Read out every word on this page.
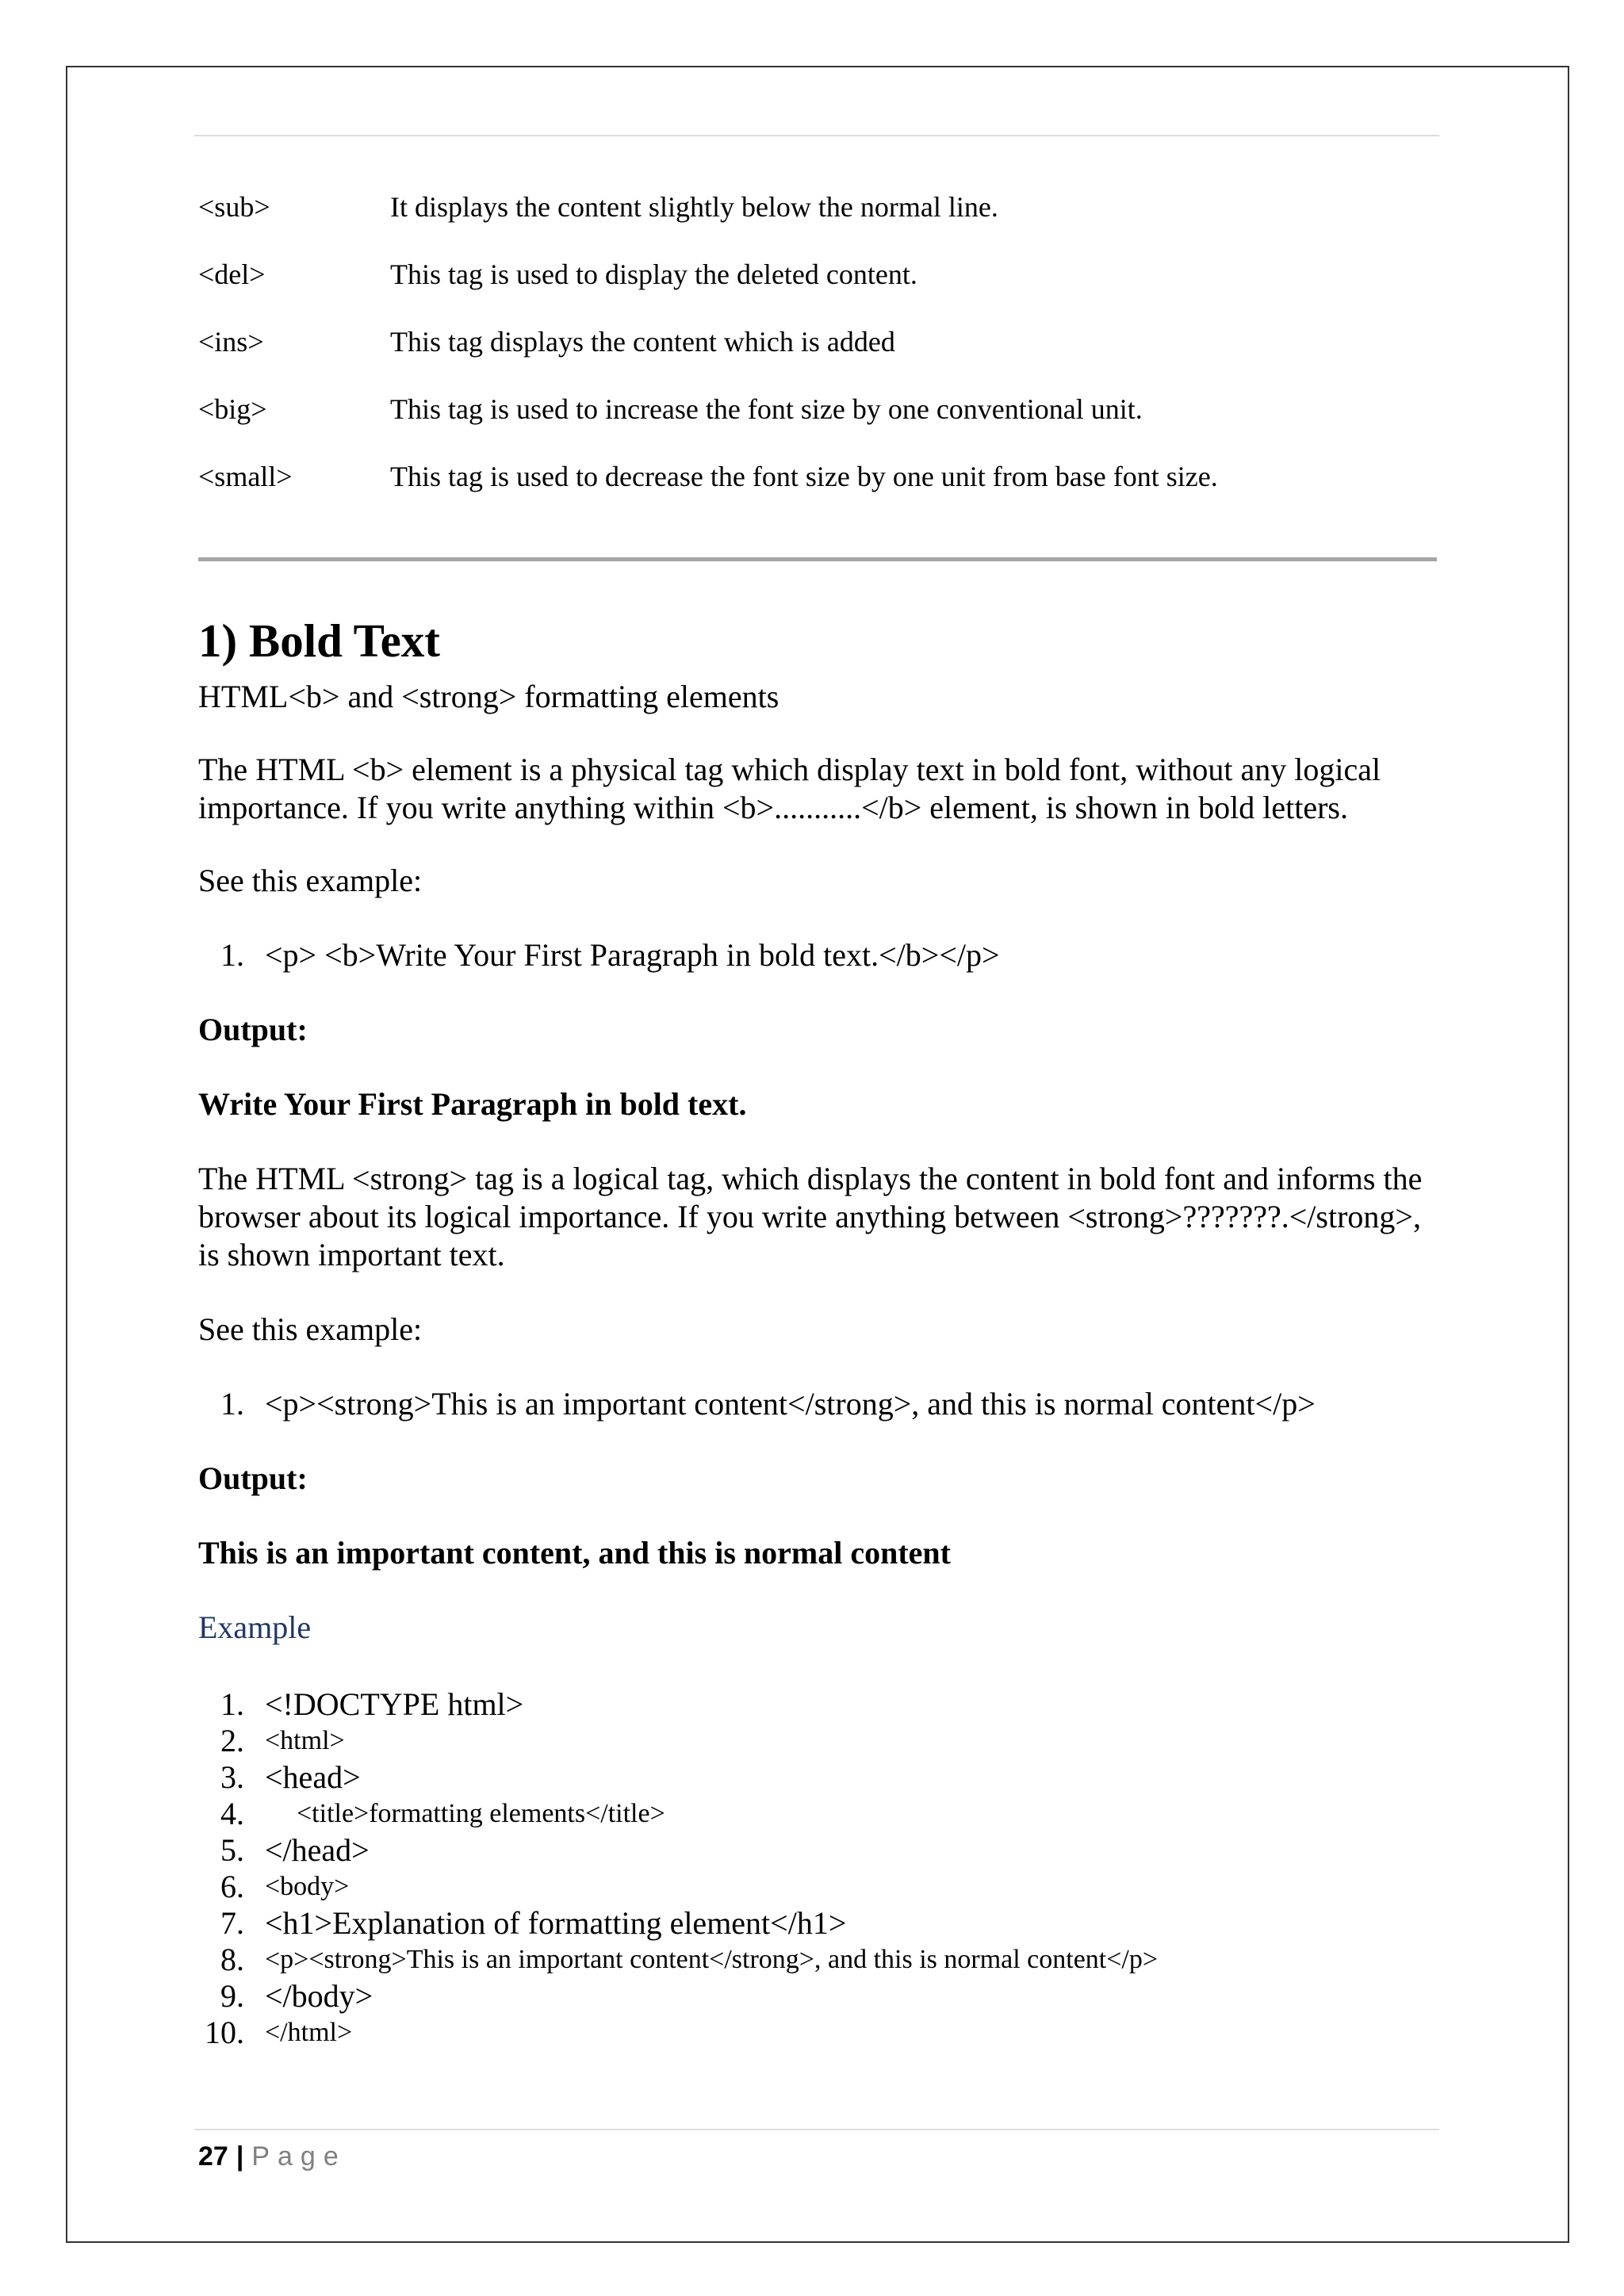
<sub>	It displays the content slightly below the normal line.
<del>	This tag is used to display the deleted content.
<ins>	This tag displays the content which is added
<big>	This tag is used to increase the font size by one conventional unit.
<small>	This tag is used to decrease the font size by one unit from base font size.
1) Bold Text

HTML<b> and <strong> formatting elements

The HTML <b> element is a physical tag which display text in bold font, without any logical importance. If you write anything within <b>...........</b> element, is shown in bold letters.

See this example:

1. <p> <b>Write Your First Paragraph in bold text.</b></p>

Output:

Write Your First Paragraph in bold text.

The HTML <strong> tag is a logical tag, which displays the content in bold font and informs the browser about its logical importance. If you write anything between <strong>???????.</strong>, is shown important text.

See this example:

1. <p><strong>This is an important content</strong>, and this is normal content</p>

Output:

This is an important content, and this is normal content

Example

1. <!DOCTYPE html>
2. <html>
3. <head>
4.	<title>formatting elements</title>
5. </head>
6. <body>
7. <h1>Explanation of formatting element</h1>
8. <p><strong>This is an important content</strong>, and this is normal content</p>
9. </body>
10. </html>
27 | Page
